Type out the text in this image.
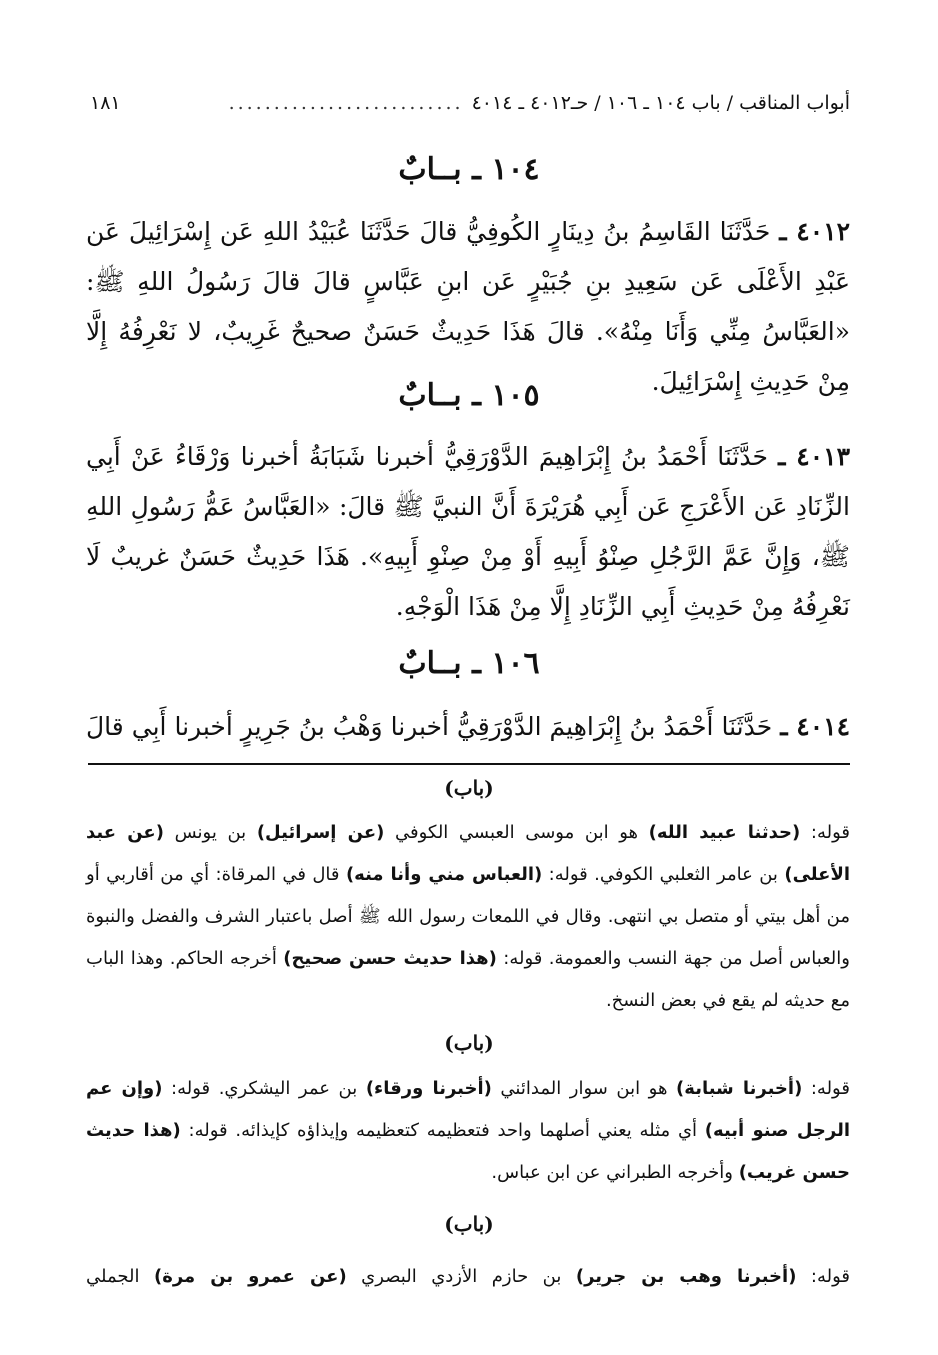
أبواب المناقب / باب ١٠٤ ـ ١٠٦ / حـ٤٠١٢ ـ ٤٠١٤
..........................
١٨١
١٠٤ ـ بــابٌ

٤٠١٢ ـ حَدَّثَنَا القَاسِمُ بنُ دِينَارٍ الكُوفِيُّ قالَ حَدَّثَنَا عُبَيْدُ اللهِ عَن إِسْرَائِيلَ عَن عَبْدِ الأَعْلَى عَن سَعِيدِ بنِ جُبَيْرٍ عَن ابنِ عَبَّاسٍ قالَ قالَ رَسُولُ اللهِ ﷺ: «العَبَّاسُ مِنِّي وَأَنَا مِنْهُ». قالَ هَذَا حَدِيثٌ حَسَنٌ صحيحٌ غَرِيبٌ، لا نَعْرِفُهُ إِلَّا مِنْ حَدِيثِ إِسْرَائِيلَ.

١٠٥ ـ بــابٌ

٤٠١٣ ـ حَدَّثَنَا أَحْمَدُ بنُ إِبْرَاهِيمَ الدَّوْرَقِيُّ أخبرنا شَبَابَةُ أخبرنا وَرْقَاءُ عَنْ أَبِي الزِّنَادِ عَن الأَعْرَجِ عَن أَبِي هُرَيْرَةَ أَنَّ النبيَّ ﷺ قالَ: «العَبَّاسُ عَمُّ رَسُولِ اللهِ ﷺ، وَإِنَّ عَمَّ الرَّجُلِ صِنْوُ أَبِيهِ أَوْ مِنْ صِنْوِ أَبِيهِ». هَذَا حَدِيثٌ حَسَنٌ غريبٌ لَا نَعْرِفُهُ مِنْ حَدِيثِ أَبِي الزِّنَادِ إِلَّا مِنْ هَذَا الْوَجْهِ.

١٠٦ ـ بــابٌ

٤٠١٤ ـ حَدَّثَنَا أَحْمَدُ بنُ إِبْرَاهِيمَ الدَّوْرَقِيُّ أخبرنا وَهْبُ بنُ جَرِيرٍ أخبرنا أَبِي قالَ

(باب)

قوله: (حدثنا عبيد الله) هو ابن موسى العبسي الكوفي (عن إسرائيل) بن يونس (عن عبد الأعلى) بن عامر الثعلبي الكوفي. قوله: (العباس مني وأنا منه) قال في المرقاة: أي من أقاربي أو من أهل بيتي أو متصل بي انتهى. وقال في اللمعات رسول الله ﷺ أصل باعتبار الشرف والفضل والنبوة والعباس أصل من جهة النسب والعمومة. قوله: (هذا حديث حسن صحيح) أخرجه الحاكم. وهذا الباب مع حديثه لم يقع في بعض النسخ.

(باب)

قوله: (أخبرنا شبابة) هو ابن سوار المدائني (أخبرنا ورقاء) بن عمر اليشكري. قوله: (وإن عم الرجل صنو أبيه) أي مثله يعني أصلهما واحد فتعظيمه كتعظيمه وإيذاؤه كإيذائه. قوله: (هذا حديث حسن غريب) وأخرجه الطبراني عن ابن عباس.

(باب)

قوله: (أخبرنا وهب بن جرير) بن حازم الأزدي البصري (عن عمرو بن مرة) الجملي
